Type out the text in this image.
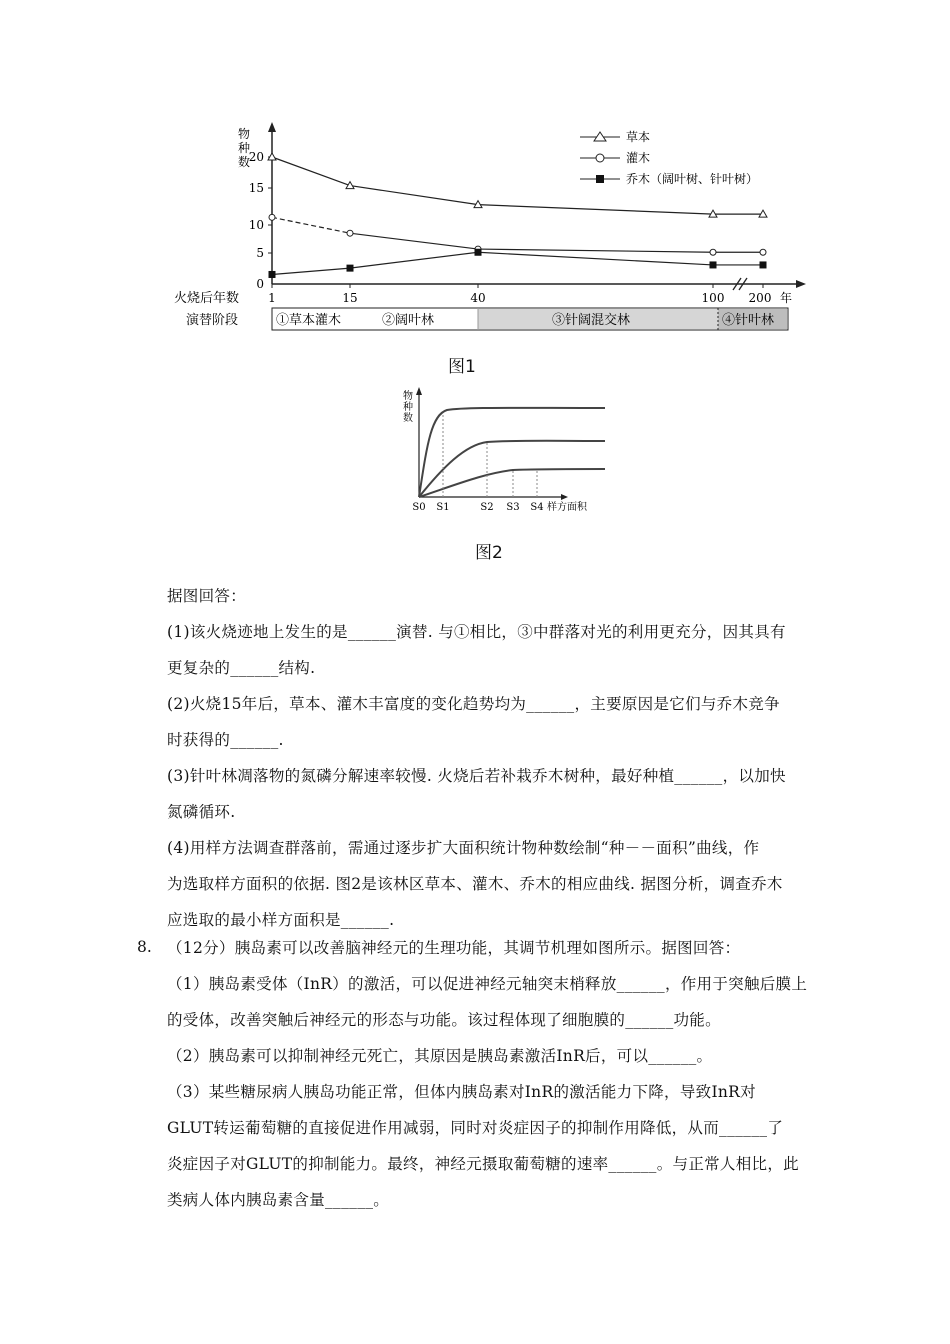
20
15
10
5
0
物种数
火烧后年数 1	15	40	100 200 年
演替阶段	①草本灌木	②阔叶林	③针阔混交林	④针叶林
草本
灌木
乔木（阔叶树、针叶树）
图1
物种数
S0 S1	S2 S3 S4 样方面积
图2
据图回答：
(1)该火烧迹地上发生的是______演替. 与①相比，③中群落对光的利用更充分，因其具有
更复杂的______结构.
(2)火烧15年后，草本、灌木丰富度的变化趋势均为______，主要原因是它们与乔木竞争
时获得的______.
(3)针叶林凋落物的氮磷分解速率较慢. 火烧后若补栽乔木树种，最好种植______，以加快
氮磷循环.
(4)用样方法调查群落前，需通过逐步扩大面积统计物种数绘制“种－－面积”曲线，作
为选取样方面积的依据. 图2是该林区草本、灌木、乔木的相应曲线. 据图分析，调查乔木
应选取的最小样方面积是______.
8. （12分）胰岛素可以改善脑神经元的生理功能，其调节机理如图所示。据图回答：
（1）胰岛素受体（InR）的激活，可以促进神经元轴突末梢释放______，作用于突触后膜上
的受体，改善突触后神经元的形态与功能。该过程体现了细胞膜的______功能。
（2）胰岛素可以抑制神经元死亡，其原因是胰岛素激活InR后，可以______。
（3）某些糖尿病人胰岛功能正常，但体内胰岛素对InR的激活能力下降，导致InR对
GLUT转运葡萄糖的直接促进作用减弱，同时对炎症因子的抑制作用降低，从而______了
炎症因子对GLUT的抑制能力。最终，神经元摄取葡萄糖的速率______。与正常人相比，此
类病人体内胰岛素含量______。
